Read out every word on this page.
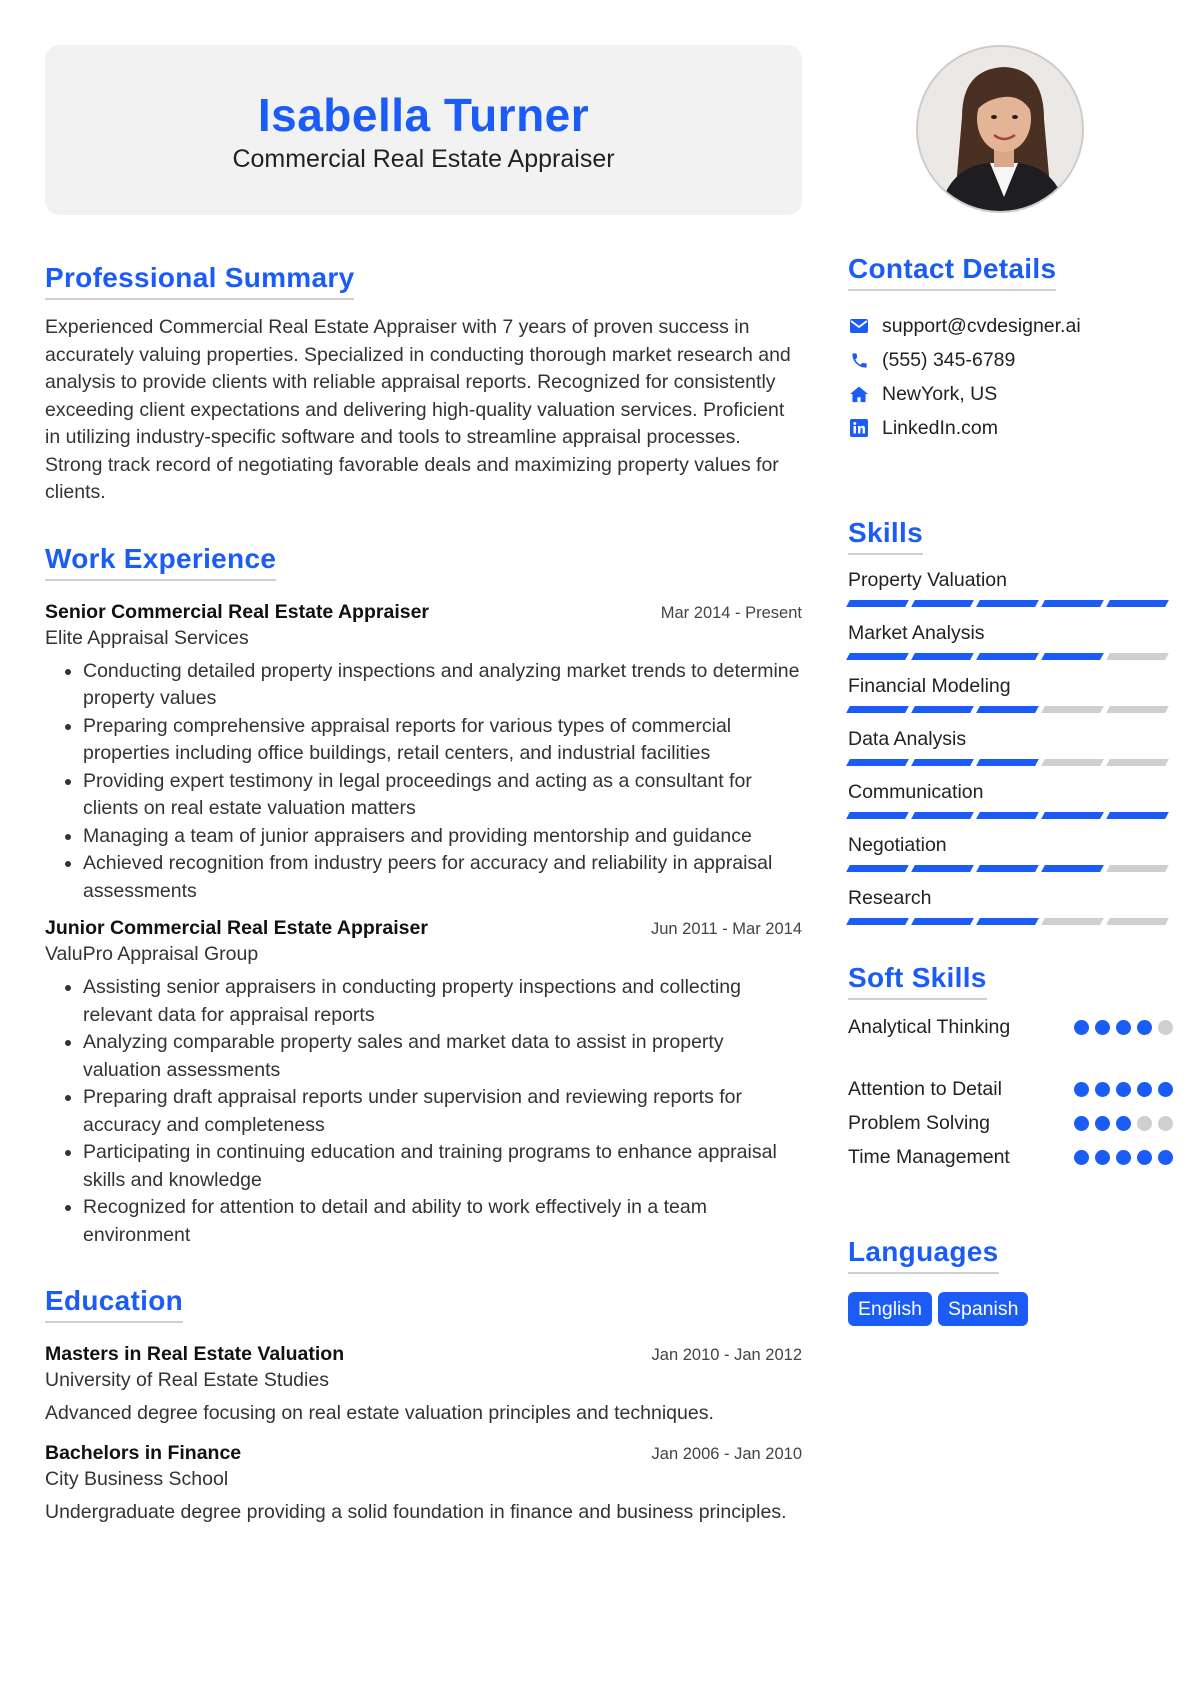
Isabella Turner
Commercial Real Estate Appraiser
Professional Summary
Experienced Commercial Real Estate Appraiser with 7 years of proven success in accurately valuing properties. Specialized in conducting thorough market research and analysis to provide clients with reliable appraisal reports. Recognized for consistently exceeding client expectations and delivering high-quality valuation services. Proficient in utilizing industry-specific software and tools to streamline appraisal processes. Strong track record of negotiating favorable deals and maximizing property values for clients.
Work Experience
Senior Commercial Real Estate Appraiser	Mar 2014 - Present
Elite Appraisal Services
• Conducting detailed property inspections and analyzing market trends to determine property values
• Preparing comprehensive appraisal reports for various types of commercial properties including office buildings, retail centers, and industrial facilities
• Providing expert testimony in legal proceedings and acting as a consultant for clients on real estate valuation matters
• Managing a team of junior appraisers and providing mentorship and guidance
• Achieved recognition from industry peers for accuracy and reliability in appraisal assessments
Junior Commercial Real Estate Appraiser	Jun 2011 - Mar 2014
ValuPro Appraisal Group
• Assisting senior appraisers in conducting property inspections and collecting relevant data for appraisal reports
• Analyzing comparable property sales and market data to assist in property valuation assessments
• Preparing draft appraisal reports under supervision and reviewing reports for accuracy and completeness
• Participating in continuing education and training programs to enhance appraisal skills and knowledge
• Recognized for attention to detail and ability to work effectively in a team environment
Education
Masters in Real Estate Valuation	Jan 2010 - Jan 2012
University of Real Estate Studies
Advanced degree focusing on real estate valuation principles and techniques.
Bachelors in Finance	Jan 2006 - Jan 2010
City Business School
Undergraduate degree providing a solid foundation in finance and business principles.
Contact Details
support@cvdesigner.ai
(555) 345-6789
NewYork, US
LinkedIn.com
Skills
Property Valuation
Market Analysis
Financial Modeling
Data Analysis
Communication
Negotiation
Research
Soft Skills
Analytical Thinking
Attention to Detail
Problem Solving
Time Management
Languages
English	Spanish
